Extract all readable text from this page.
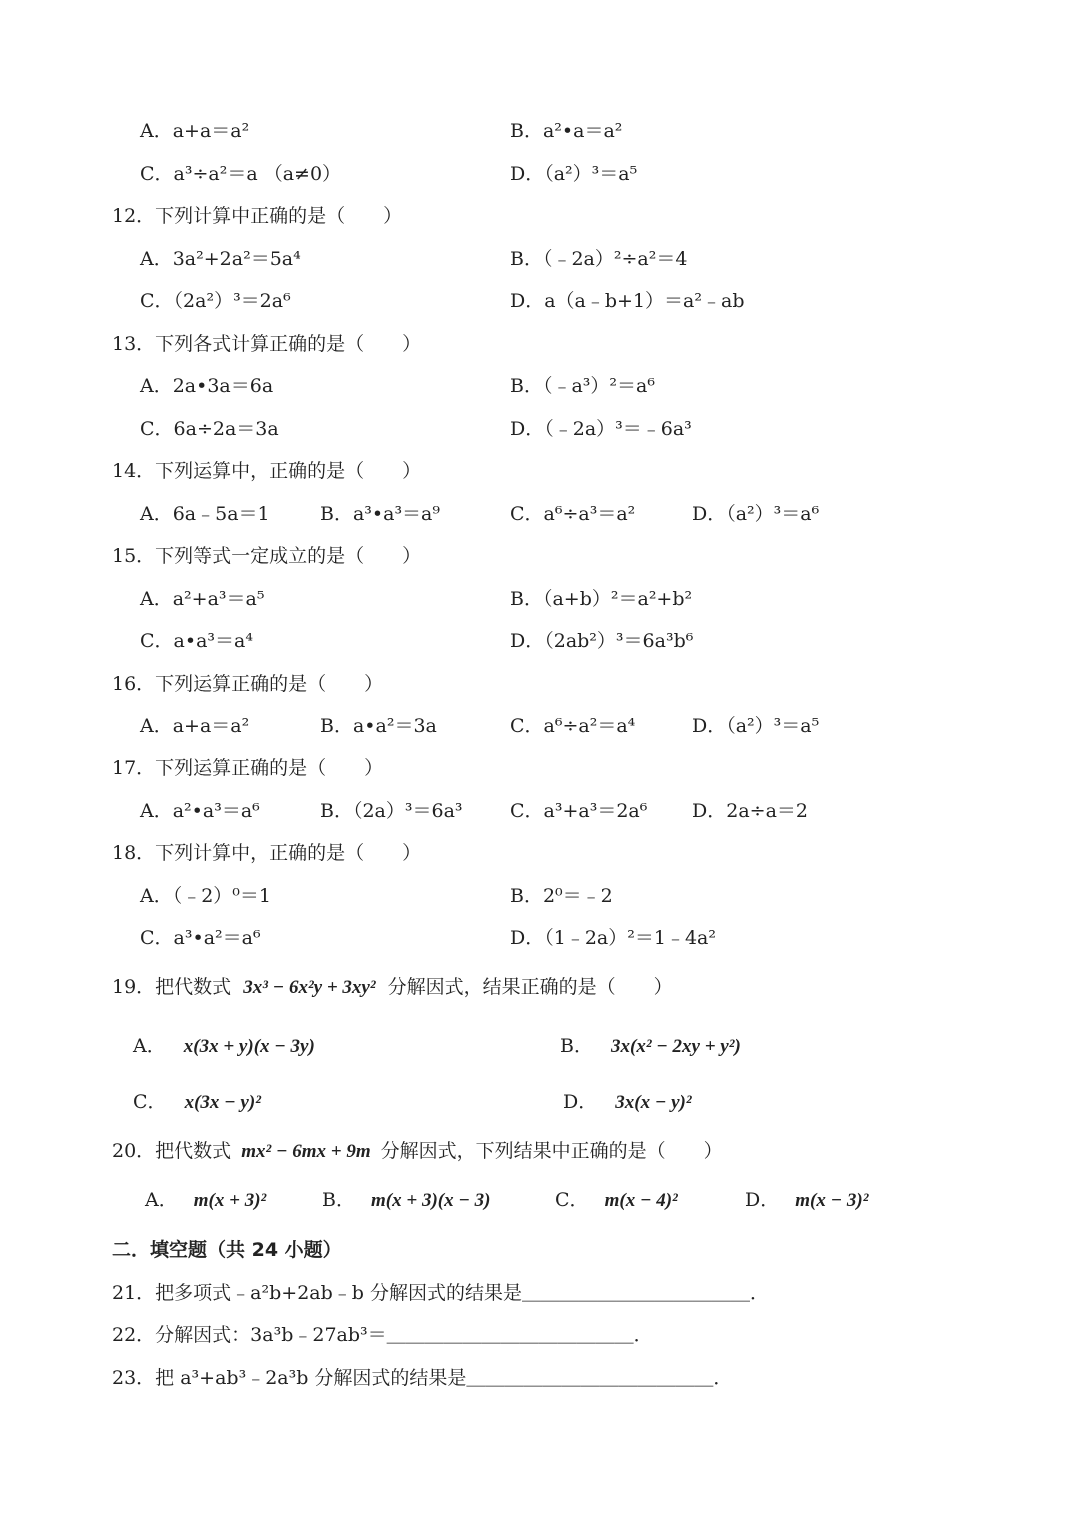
A．a+a＝a²	B．a²•a＝a²
C．a³÷a²＝a （a≠0）	D．（a²）³＝a⁵
12．下列计算中正确的是（　　）
A．3a²+2a²＝5a⁴	B．（﹣2a）²÷a²＝4
C．（2a²）³＝2a⁶	D．a（a﹣b+1）＝a²﹣ab
13．下列各式计算正确的是（　　）
A．2a•3a＝6a	B．（﹣a³）²＝a⁶
C．6a÷2a＝3a	D．（﹣2a）³＝﹣6a³
14．下列运算中，正确的是（　　）
A．6a﹣5a＝1	B．a³•a³＝a⁹	C．a⁶÷a³＝a²	D．（a²）³＝a⁶
15．下列等式一定成立的是（　　）
A．a²+a³＝a⁵	B．（a+b）²＝a²+b²
C．a•a³＝a⁴	D．（2ab²）³＝6a³b⁶
16．下列运算正确的是（　　）
A．a+a＝a²	B．a•a²＝3a	C．a⁶÷a²＝a⁴	D．（a²）³＝a⁵
17．下列运算正确的是（　　）
A．a²•a³＝a⁶	B．（2a）³＝6a³ C．a³+a³＝2a⁶ D．2a÷a＝2
18．下列计算中，正确的是（　　）
A．（﹣2）⁰＝1	B．2⁰＝﹣2
C．a³•a²＝a⁶	D．（1﹣2a）²＝1﹣4a²
19．把代数式 3x³ − 6x²y + 3xy² 分解因式，结果正确的是（　　）
A． x(3x + y)(x − 3y)	B． 3x(x² − 2xy + y²)
C． x(3x − y)²	D． 3x(x − y)²
20．把代数式 mx² − 6mx + 9m 分解因式，下列结果中正确的是（　　）
A． m(x + 3)²	B． m(x + 3)(x − 3)	C． m(x − 4)²	D． m(x − 3)²
二．填空题（共 24 小题）
21．把多项式﹣a²b+2ab﹣b 分解因式的结果是＿＿＿＿＿＿＿＿＿＿＿＿．
22．分解因式：3a³b﹣27ab³＝＿＿＿＿＿＿＿＿＿＿＿＿＿．
23．把 a³+ab³﹣2a³b 分解因式的结果是＿＿＿＿＿＿＿＿＿＿＿＿＿．
